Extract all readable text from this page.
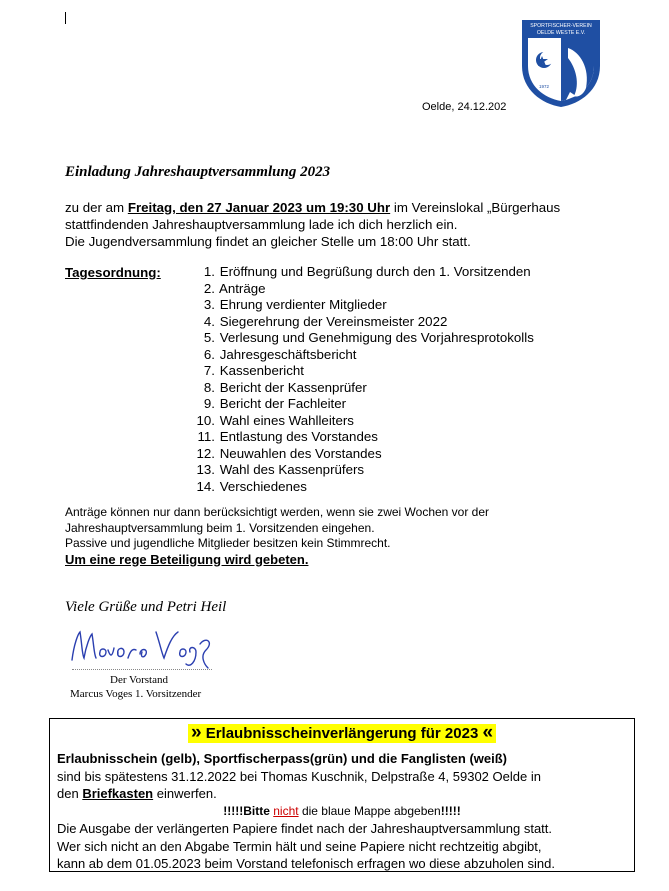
SPORTFISCHER-VEREIN
OELDE WESTE E.V.
1972
Oelde, 24.12.202
Einladung Jahreshauptversammlung 2023
zu der am Freitag, den 27 Januar 2023 um 19:30 Uhr im Vereinslokal „Bürgerhaus
stattfindenden Jahreshauptversammlung lade ich dich herzlich ein.
Die Jugendversammlung findet an gleicher Stelle um 18:00 Uhr statt.
Tagesordnung:	1. Eröffnung und Begrüßung durch den 1. Vorsitzenden
2. Anträge
3. Ehrung verdienter Mitglieder
4. Siegerehrung der Vereinsmeister 2022
5. Verlesung und Genehmigung des Vorjahresprotokolls
6. Jahresgeschäftsbericht
7. Kassenbericht
8. Bericht der Kassenprüfer
9. Bericht der Fachleiter
10. Wahl eines Wahlleiters
11. Entlastung des Vorstandes
12. Neuwahlen des Vorstandes
13. Wahl des Kassenprüfers
14. Verschiedenes
Anträge können nur dann berücksichtigt werden, wenn sie zwei Wochen vor der
Jahreshauptversammlung beim 1. Vorsitzenden eingehen.
Passive und jugendliche Mitglieder besitzen kein Stimmrecht.
Um eine rege Beteiligung wird gebeten.
Viele Grüße und Petri Heil
Der Vorstand
Marcus Voges 1. Vorsitzender
» Erlaubnisscheinverlängerung für 2023 «
Erlaubnisschein (gelb), Sportfischerpass(grün) und die Fanglisten (weiß)
sind bis spätestens 31.12.2022 bei Thomas Kuschnik, Delpstraße 4, 59302 Oelde in
den Briefkasten einwerfen.
!!!!!Bitte nicht die blaue Mappe abgeben!!!!!
Die Ausgabe der verlängerten Papiere findet nach der Jahreshauptversammlung statt.
Wer sich nicht an den Abgabe Termin hält und seine Papiere nicht rechtzeitig abgibt,
kann ab dem 01.05.2023 beim Vorstand telefonisch erfragen wo diese abzuholen sind.
